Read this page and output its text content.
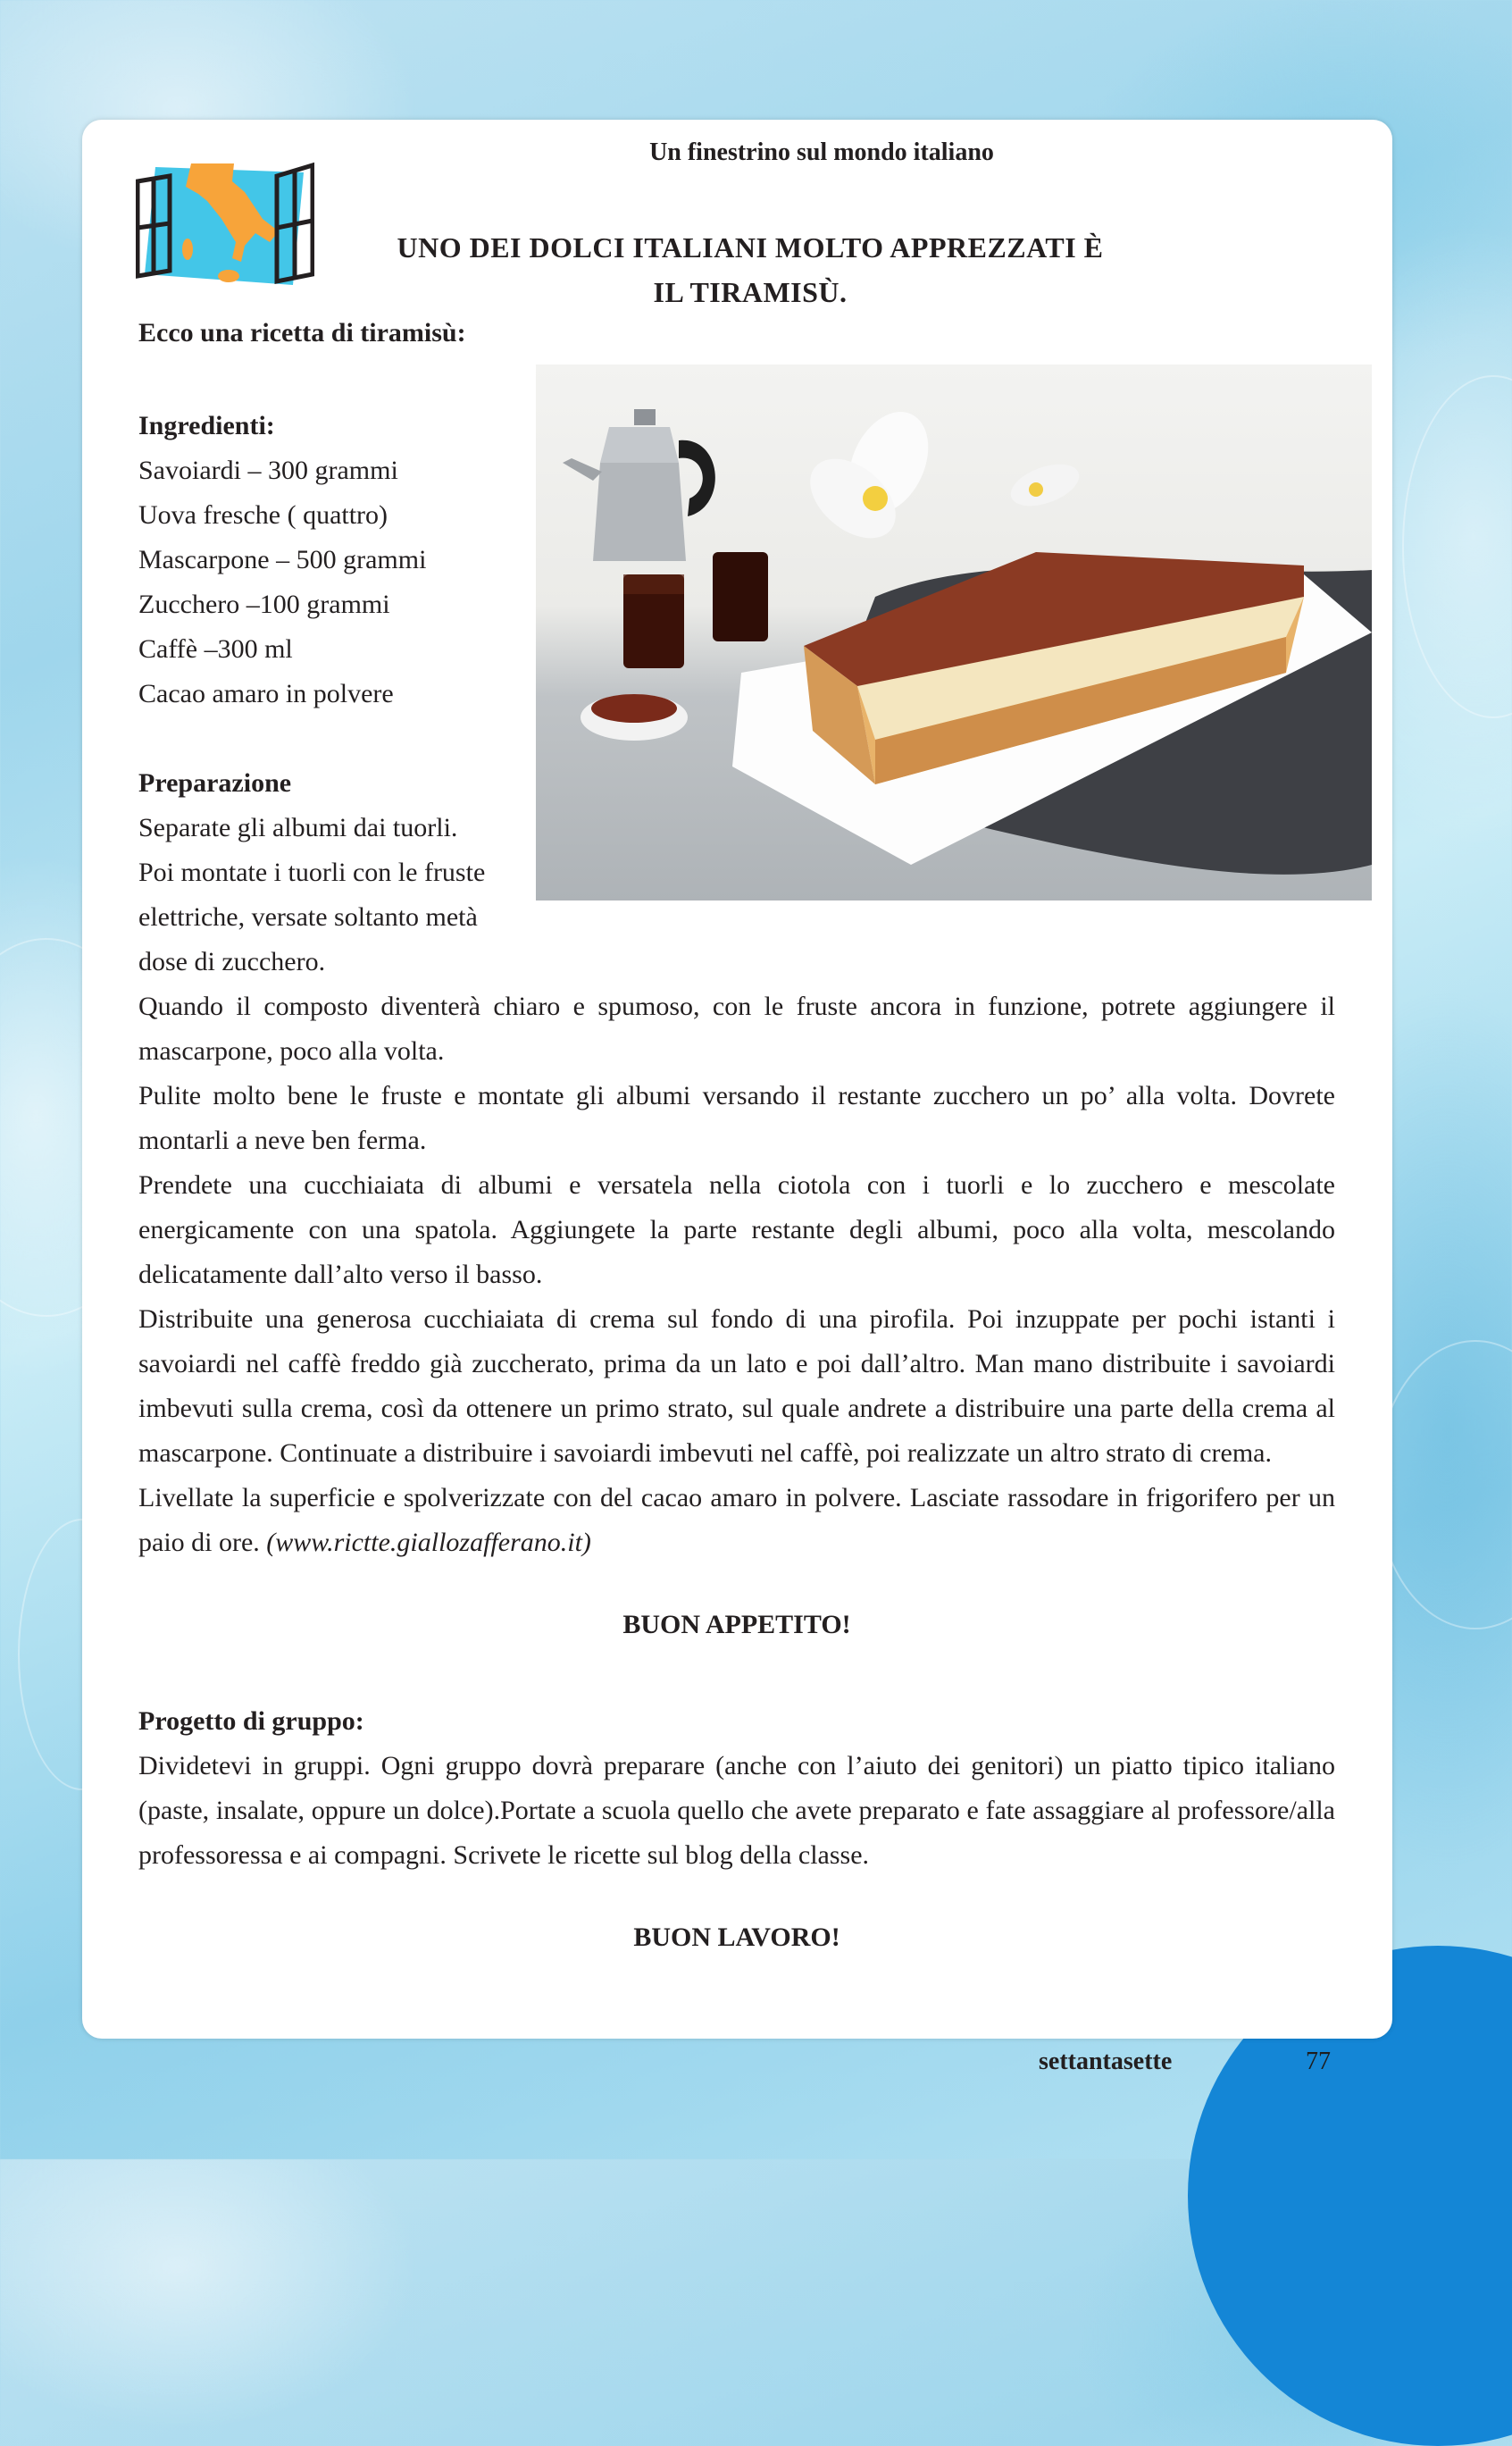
Un finestrino sul mondo italiano
UNO DEI DOLCI ITALIANI MOLTO APPREZZATI È
IL TIRAMISÙ.
Ecco una ricetta di tiramisù:
Ingredienti:
Savoiardi – 300 grammi
Uova fresche ( quattro)
Mascarpone – 500 grammi
Zucchero –100 grammi
Caffè –300 ml
Cacao amaro in polvere
Preparazione
Separate gli albumi dai tuorli.
Poi montate i tuorli con le fruste
elettriche, versate soltanto metà
dose di zucchero.
Quando il composto diventerà chiaro e spumoso, con le fruste ancora in funzione, potrete aggiungere il mascarpone, poco alla volta.
Pulite molto bene le fruste e montate gli albumi versando il restante zucchero un po’ alla volta. Dovrete montarli a neve ben ferma.
Prendete una cucchiaiata di albumi e versatela nella ciotola con i tuorli e lo zucchero e mescolate energicamente con una spatola. Aggiungete la parte restante degli albumi, poco alla volta, mescolando delicatamente dall’alto verso il basso.
Distribuite una generosa cucchiaiata di crema sul fondo di una pirofila. Poi inzuppate per pochi istanti i savoiardi nel caffè freddo già zuccherato, prima da un lato e poi dall’altro. Man mano distribuite i savoiardi imbevuti sulla crema, così da ottenere un primo strato, sul quale andrete a distribuire una parte della crema al mascarpone. Continuate a distribuire i savoiardi imbevuti nel caffè, poi realizzate un altro strato di crema.
Livellate la superficie e spolverizzate con del cacao amaro in polvere. Lasciate rassodare in frigorifero per un paio di ore. (www.rictte.giallozafferano.it)
BUON APPETITO!
Progetto di gruppo:
Dividetevi in gruppi. Ogni gruppo dovrà preparare (anche con l’aiuto dei genitori) un piatto tipico italiano (paste, insalate, oppure un dolce).Portate a scuola quello che avete preparato e fate assaggiare al professore/alla professoressa e ai compagni. Scrivete le ricette sul blog della classe.
BUON LAVORO!
settantasette	77
